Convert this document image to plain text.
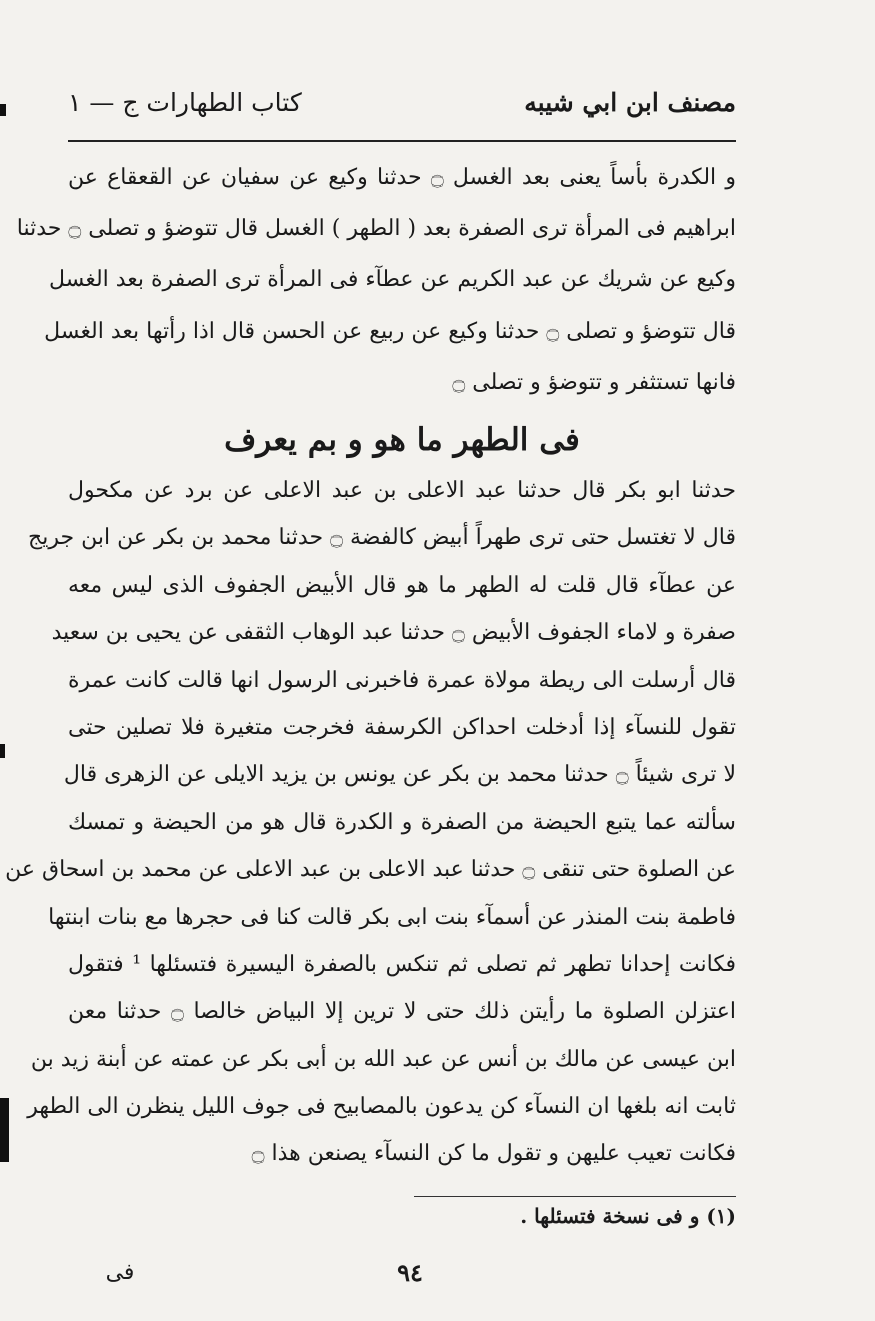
مصنف ابن ابي شيبه
كتاب الطهارات ج — ١
و الكدرة بأساً يعنى بعد الغسل ۝ حدثنا وكيع عن سفيان عن القعقاع عن
ابراهيم فى المرأة ترى الصفرة بعد ( الطهر ) الغسل قال تتوضؤ و تصلى ۝ حدثنا
وكيع عن شريك عن عبد الكريم عن عطآء فى المرأة ترى الصفرة بعد الغسل
قال تتوضؤ و تصلى ۝ حدثنا وكيع عن ربيع عن الحسن قال اذا رأتها بعد الغسل
فانها تستثفر و تتوضؤ و تصلى ۝
فى الطهر ما هو و بم يعرف
حدثنا ابو بكر قال حدثنا عبد الاعلى بن عبد الاعلى عن برد عن مكحول
قال لا تغتسل حتى ترى طهراً أبيض كالفضة ۝ حدثنا محمد بن بكر عن ابن جريج
عن عطآء قال قلت له الطهر ما هو قال الأبيض الجفوف الذى ليس معه
صفرة و لاماء الجفوف الأبيض ۝ حدثنا عبد الوهاب الثقفى عن يحيى بن سعيد
قال أرسلت الى ريطة مولاة عمرة فاخبرنى الرسول انها قالت كانت عمرة
تقول للنسآء إذا أدخلت احداكن الكرسفة فخرجت متغيرة فلا تصلين حتى
لا ترى شيئاً ۝ حدثنا محمد بن بكر عن يونس بن يزيد الايلى عن الزهرى قال
سألته عما يتبع الحيضة من الصفرة و الكدرة قال هو من الحيضة و تمسك
عن الصلوة حتى تنقى ۝ حدثنا عبد الاعلى بن عبد الاعلى عن محمد بن اسحاق عن
فاطمة بنت المنذر عن أسمآء بنت ابى بكر قالت كنا فى حجرها مع بنات ابنتها
فكانت إحدانا تطهر ثم تصلى ثم تنكس بالصفرة اليسيرة فتسئلها ¹ فتقول
اعتزلن الصلوة ما رأيتن ذلك حتى لا ترين إلا البياض خالصا ۝ حدثنا معن
ابن عيسى عن مالك بن أنس عن عبد الله بن أبى بكر عن عمته عن أبنة زيد بن
ثابت انه بلغها ان النسآء كن يدعون بالمصابيح فى جوف الليل ينظرن الى الطهر
فكانت تعيب عليهن و تقول ما كن النسآء يصنعن هذا ۝
(١) و فى نسخة فتسئلها .
٩٤
فى
